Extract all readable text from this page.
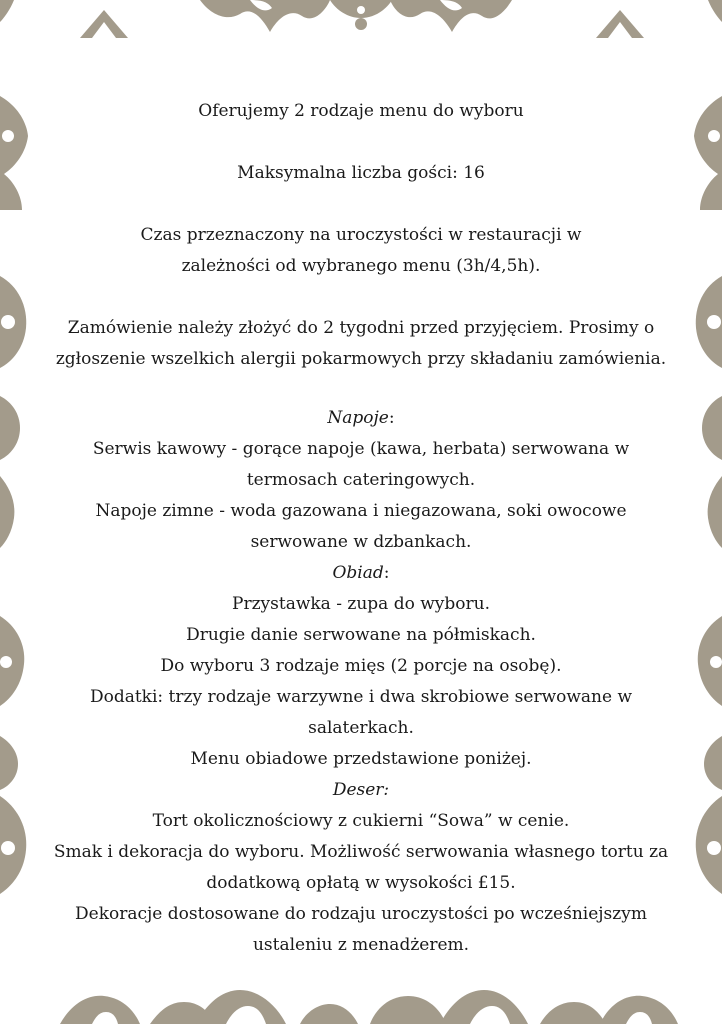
Oferujemy 2 rodzaje menu do wyboru

Maksymalna liczba gości: 16

Czas przeznaczony na uroczystości w restauracji w

zależności od wybranego menu (3h/4,5h).

Zamówienie należy złożyć do 2 tygodni przed przyjęciem. Prosimy o

zgłoszenie wszelkich alergii pokarmowych przy składaniu zamówienia.

Napoje:

Serwis kawowy - gorące napoje (kawa, herbata) serwowana w

termosach cateringowych.

Napoje zimne - woda gazowana i niegazowana, soki owocowe

serwowane w dzbankach.

Obiad:

Przystawka - zupa do wyboru.

Drugie danie serwowane na półmiskach.

Do wyboru 3 rodzaje mięs (2 porcje na osobę).

Dodatki: trzy rodzaje warzywne i dwa skrobiowe serwowane w

salaterkach.

Menu obiadowe przedstawione poniżej.

Deser:

Tort okolicznościowy z cukierni “Sowa” w cenie.

Smak i dekoracja do wyboru. Możliwość serwowania własnego tortu za

dodatkową opłatą w wysokości £15.

Dekoracje dostosowane do rodzaju uroczystości po wcześniejszym

ustaleniu z menadżerem.
